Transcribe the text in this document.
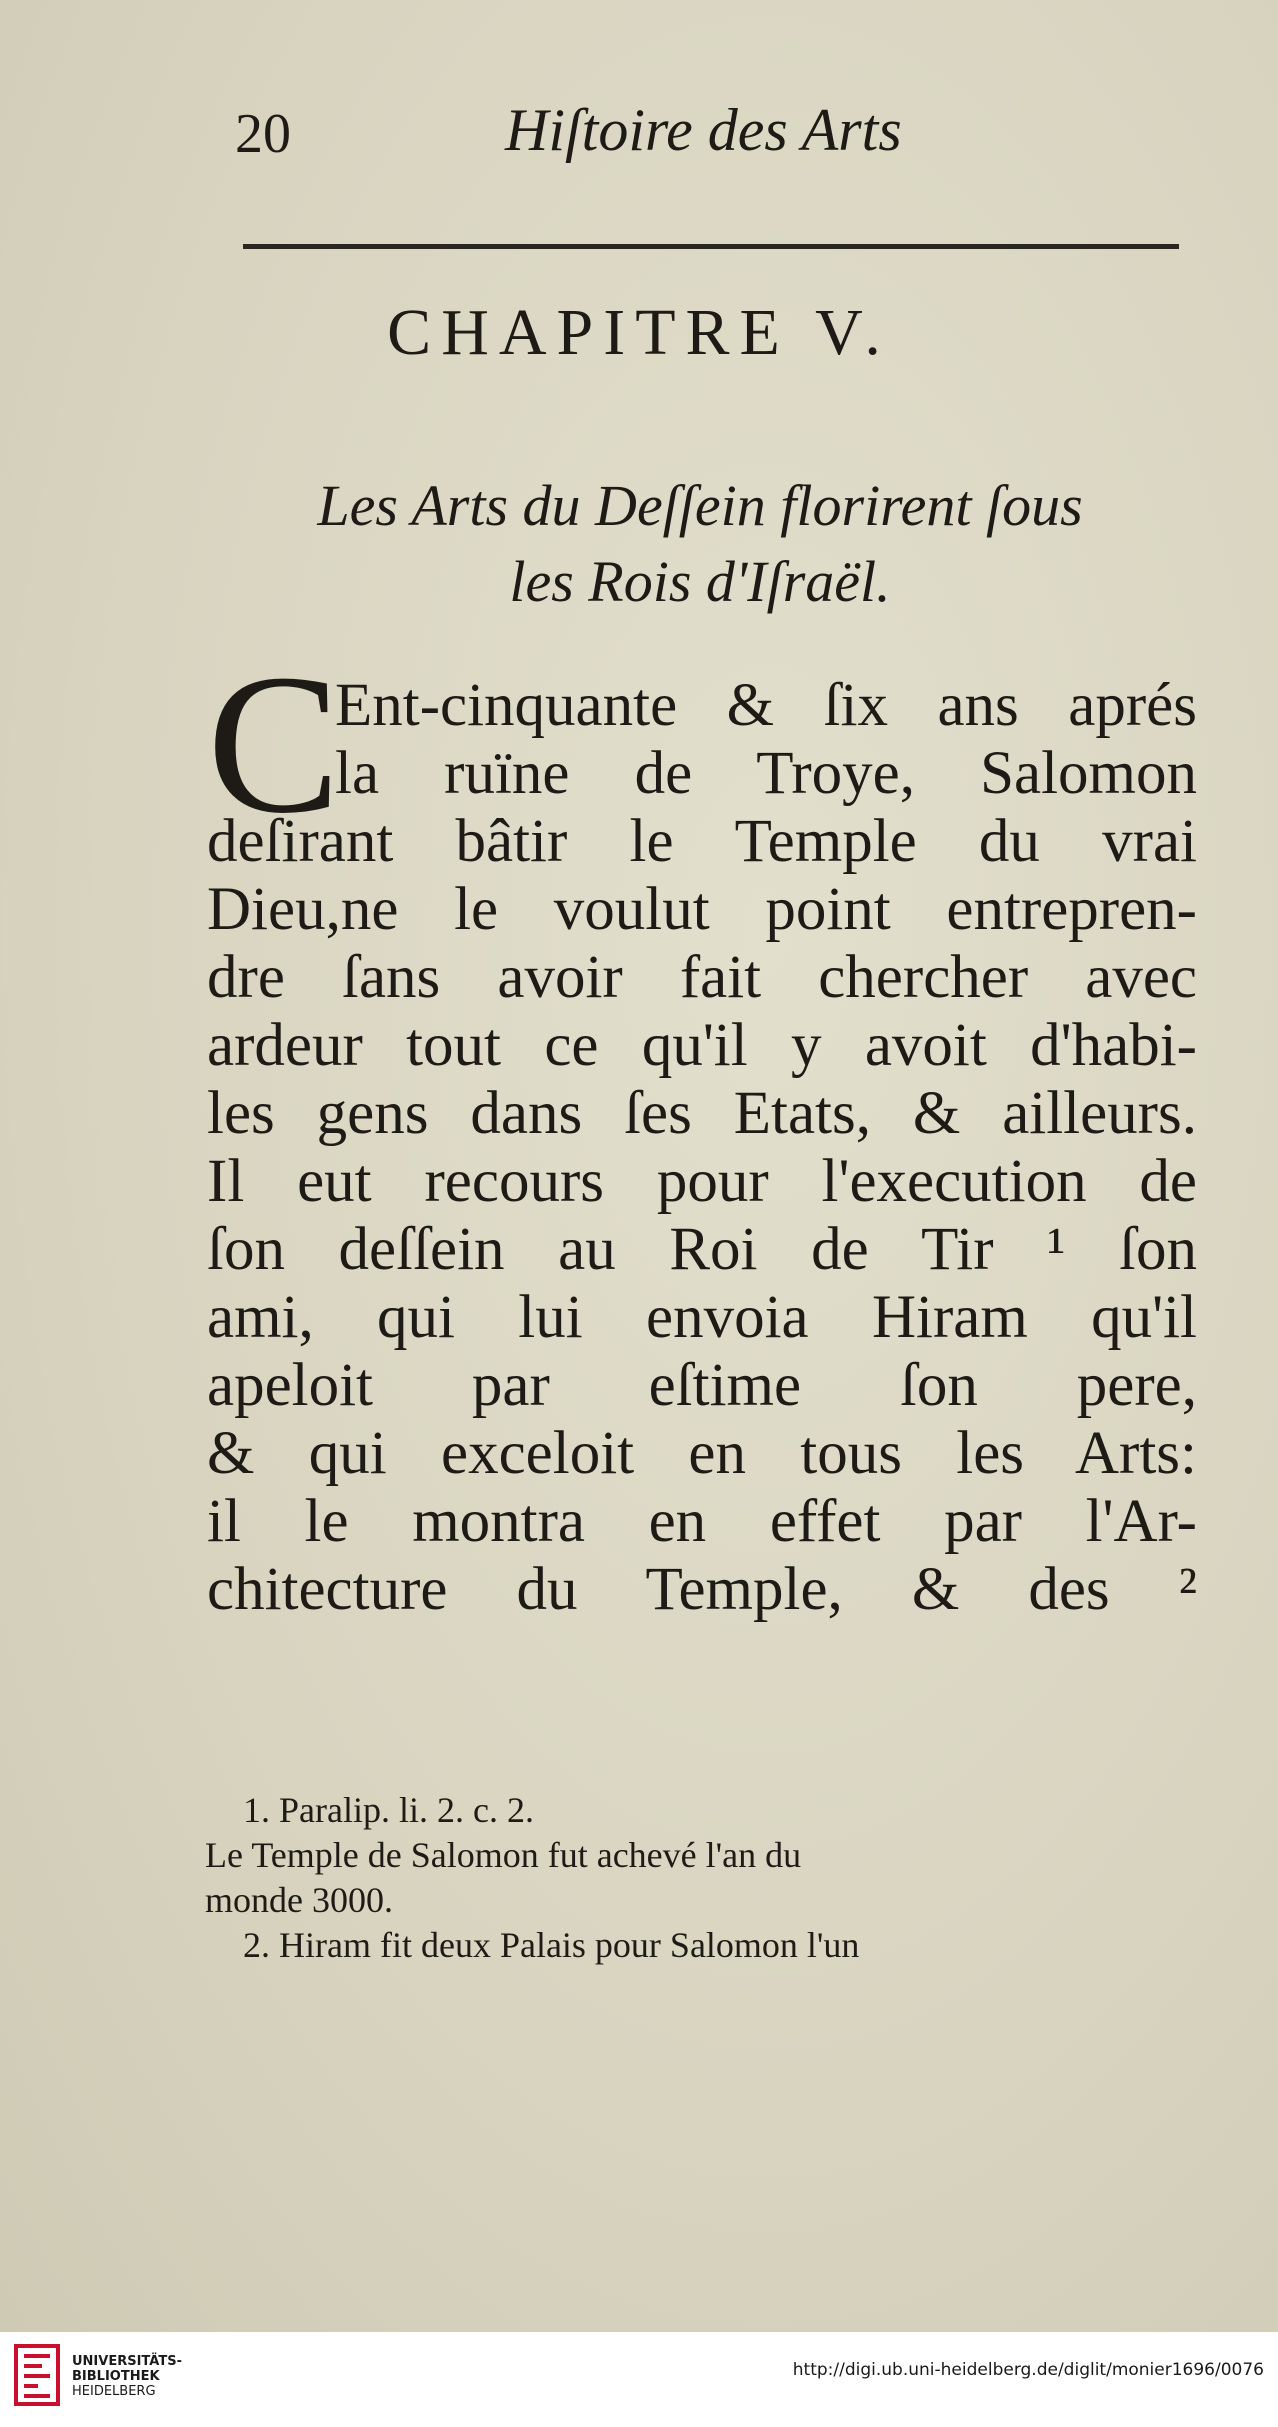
20	Hiſtoire des Arts
CHAPITRE V.
Les Arts du Deſſein florirent ſous
les Rois d'Iſraël.
C
Ent-cinquante & ſix ans aprés
la ruïne de Troye, Salomon
deſirant bâtir le Temple du vrai
Dieu,ne le voulut point entrepren-
dre ſans avoir fait chercher avec
ardeur tout ce qu'il y avoit d'habi-
les gens dans ſes Etats, & ailleurs.
Il eut recours pour l'execution de
ſon deſſein au Roi de Tir ¹ ſon
ami, qui lui envoia Hiram qu'il
apeloit par eſtime ſon pere,
& qui exceloit en tous les Arts:
il le montra en effet par l'Ar-
chitecture du Temple, & des ²
1. Paralip. li. 2. c. 2.
Le Temple de Salomon fut achevé l'an du
monde 3000.
2. Hiram fit deux Palais pour Salomon l'un
UNIVERSITÄTS-
BIBLIOTHEK
HEIDELBERG
http://digi.ub.uni-heidelberg.de/diglit/monier1696/0076
